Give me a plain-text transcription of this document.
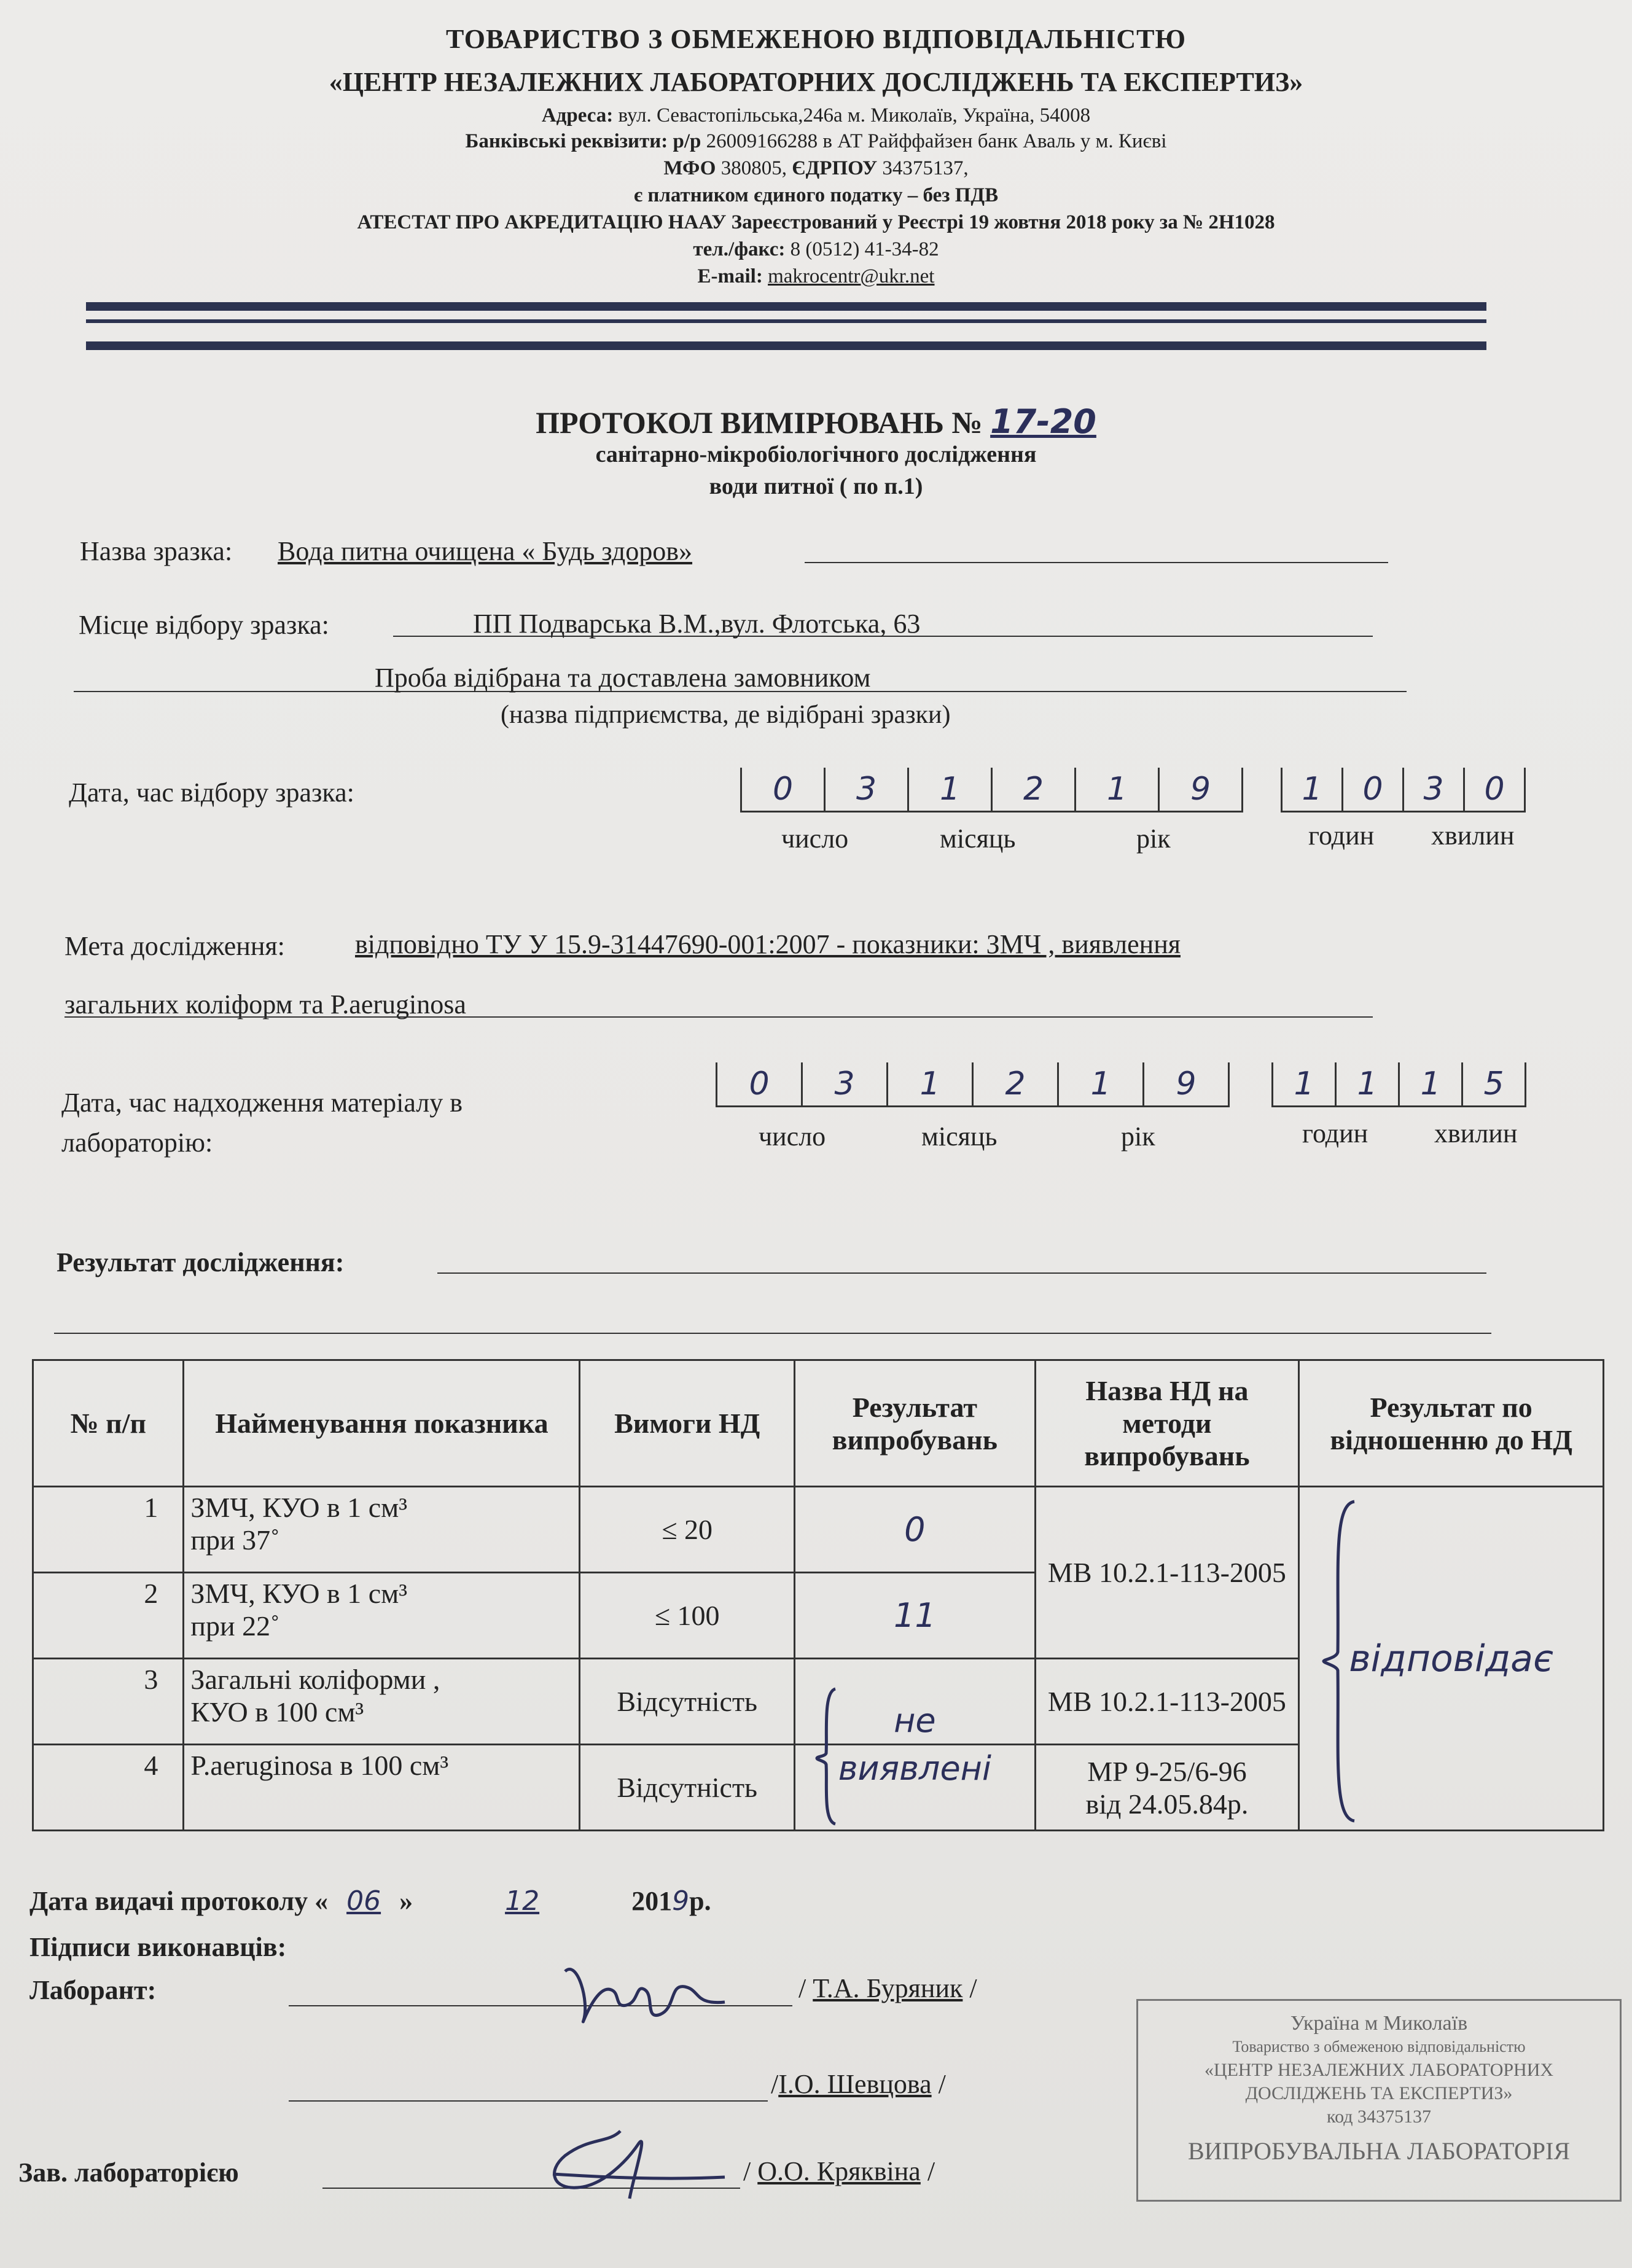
ТОВАРИСТВО З ОБМЕЖЕНОЮ ВІДПОВІДАЛЬНІСТЮ
«ЦЕНТР НЕЗАЛЕЖНИХ ЛАБОРАТОРНИХ ДОСЛІДЖЕНЬ ТА ЕКСПЕРТИЗ»
Адреса: вул. Севастопільська,246а м. Миколаїв, Україна, 54008
Банківські реквізити: р/р 26009166288 в АТ Райффайзен банк Аваль у м. Києві
МФО 380805, ЄДРПОУ 34375137,
є платником єдиного податку – без ПДВ
АТЕСТАТ ПРО АКРЕДИТАЦІЮ НААУ Зареєстрований у Реєстрі 19 жовтня 2018 року за № 2Н1028
тел./факс: 8 (0512) 41-34-82
E-mail: makrocentr@ukr.net
ПРОТОКОЛ ВИМІРЮВАНЬ № 17-20
санітарно-мікробіологічного дослідження
води питної ( по п.1)
Назва зразка: Вода питна очищена « Будь здоров»
Місце відбору зразка:	ПП Подварська В.М.,вул. Флотська, 63
Проба відібрана та доставлена замовником
(назва підприємства, де відібрані зразки)
Дата, час відбору зразка:	0	3	1	2	1	9	1	0	3	0
число	місяць	рік	годин хвилин
Мета дослідження:	відповідно ТУ У 15.9-31447690-001:2007 - показники: ЗМЧ , виявлення
загальних коліформ та P.aeruginosa
Дата, час надходження матеріалу в
лабораторію:
0	3	1	2	1	9	1	1	1	5
число	місяць	рік	годин хвилин
Результат дослідження:
№ п/п	Найменування показника	Вимоги НД	Результат випробувань	Назва НД на методи випробувань	Результат по відношенню до НД
1	ЗМЧ, КУО в 1 см³
при 37˚	≤ 20	0	МВ 10.2.1-113-2005	відповідає
2	ЗМЧ, КУО в 1 см³
при 22˚	≤ 100	11		
3	Загальні коліформи ,
КУО в 100 см³	Відсутність	не	МВ 10.2.1-113-2005	
4	P.aeruginosa в 100 см³	Відсутність	виявлені	МР 9-25/6-96
від 24.05.84р.	
Дата видачі протоколу « 06 »	12	2019р.
Підписи виконавців:
Лаборант:	/ Т.А. Буряник /
/І.О. Шевцова /
Зав. лабораторією	/ О.О. Кряквіна /
Україна м Миколаїв
Товариство з обмеженою відповідальністю
«ЦЕНТР НЕЗАЛЕЖНИХ ЛАБОРАТОРНИХ
ДОСЛІДЖЕНЬ ТА ЕКСПЕРТИЗ»
код 34375137
ВИПРОБУВАЛЬНА ЛАБОРАТОРІЯ
